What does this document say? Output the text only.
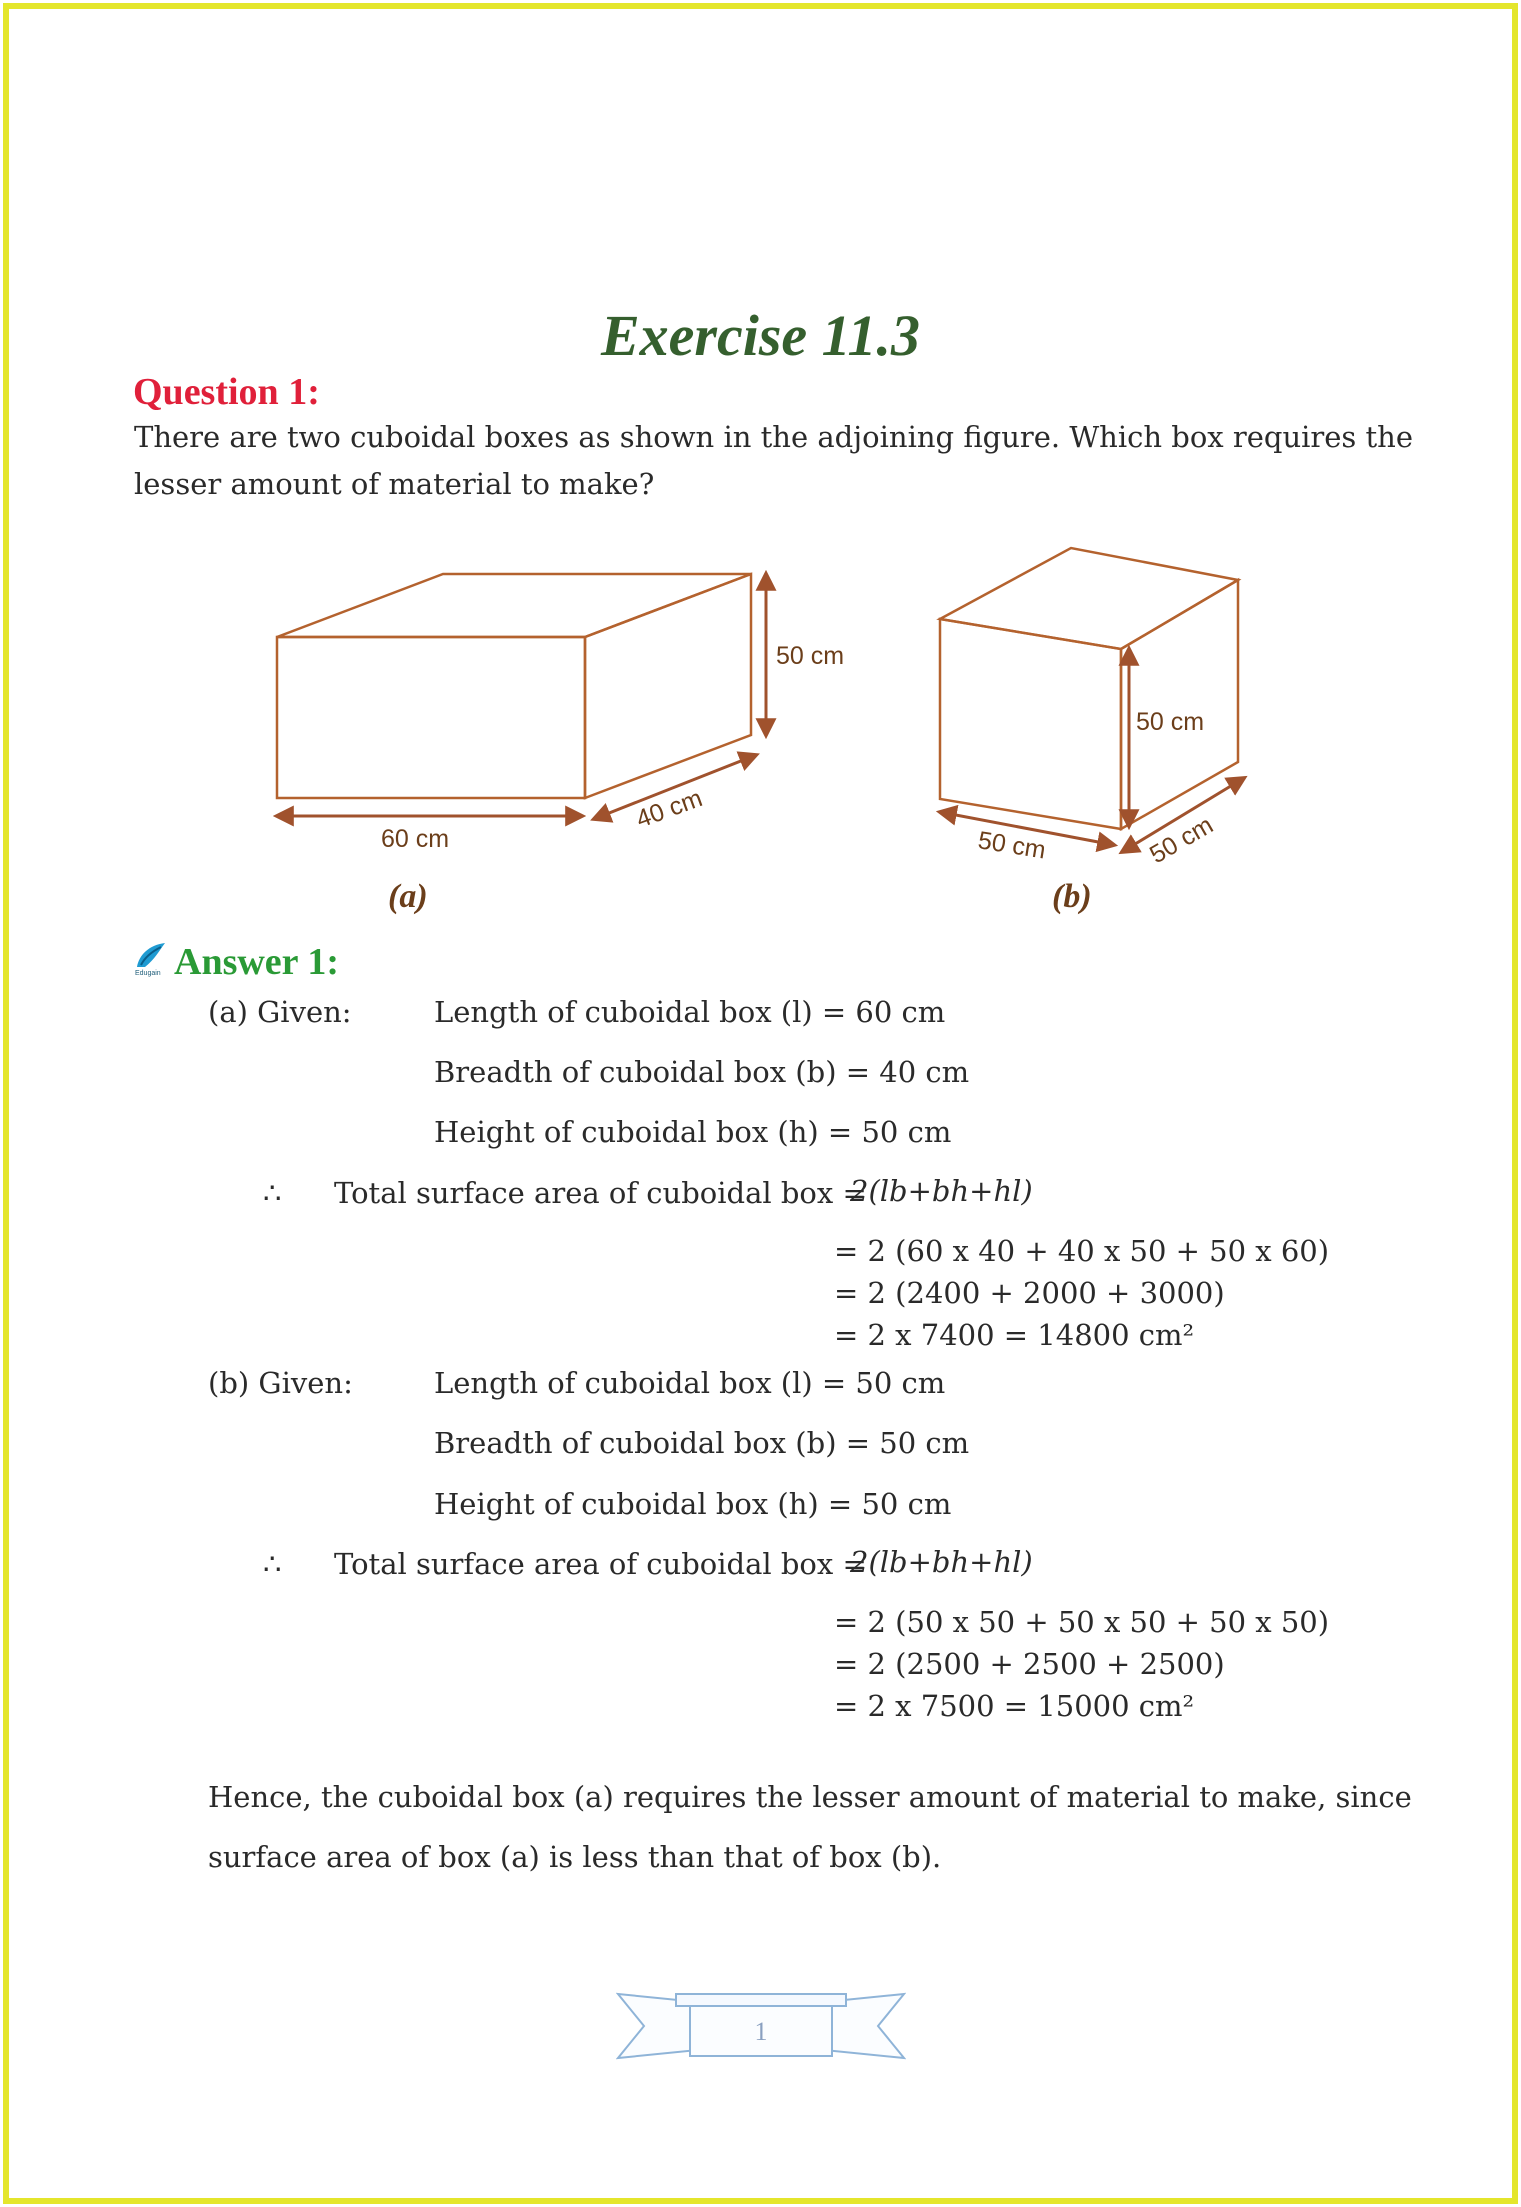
Exercise 11.3
Question 1:
There are two cuboidal boxes as shown in the adjoining figure. Which box requires the
lesser amount of material to make?
50 cm
60 cm
40 cm
(a)
50 cm
50 cm	50 cm
(b)
Edugain Answer 1:
(a) Given:	Length of cuboidal box (l) = 60 cm
Breadth of cuboidal box (b) = 40 cm
Height of cuboidal box (h) = 50 cm
∴ Total surface area of cuboidal box =
2(lb+bh+hl)
= 2 (60 x 40 + 40 x 50 + 50 x 60)
= 2 (2400 + 2000 + 3000)
= 2 x 7400 = 14800 cm²
(b) Given:	Length of cuboidal box (l) = 50 cm
Breadth of cuboidal box (b) = 50 cm
Height of cuboidal box (h) = 50 cm
∴ Total surface area of cuboidal box =
2(lb+bh+hl)
= 2 (50 x 50 + 50 x 50 + 50 x 50)
= 2 (2500 + 2500 + 2500)
= 2 x 7500 = 15000 cm²
Hence, the cuboidal box (a) requires the lesser amount of material to make, since
surface area of box (a) is less than that of box (b).
1
